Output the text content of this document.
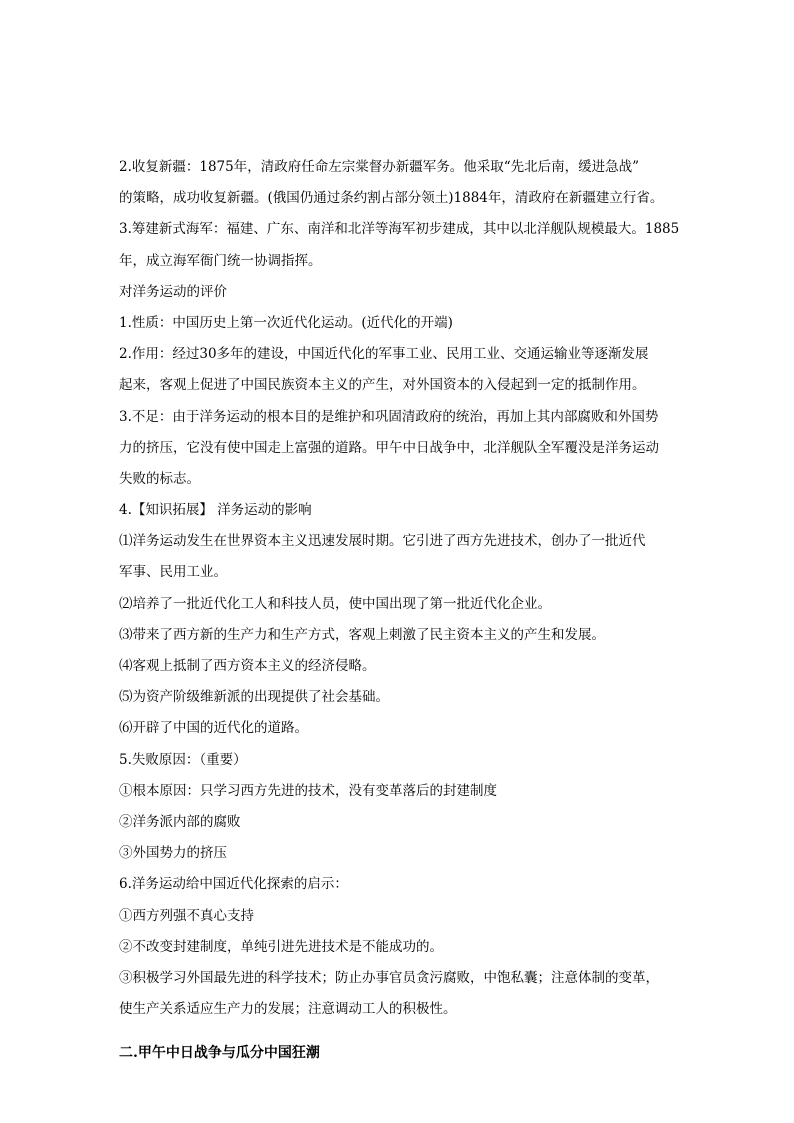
2.收复新疆：1875年，清政府任命左宗棠督办新疆军务。他采取“先北后南，缓进急战”
的策略，成功收复新疆。(俄国仍通过条约割占部分领土)1884年，清政府在新疆建立行省。
3.筹建新式海军：福建、广东、南洋和北洋等海军初步建成，其中以北洋舰队规模最大。1885
年，成立海军衙门统一协调指挥。
对洋务运动的评价
1.性质：中国历史上第一次近代化运动。(近代化的开端)
2.作用：经过30多年的建设，中国近代化的军事工业、民用工业、交通运输业等逐渐发展
起来，客观上促进了中国民族资本主义的产生，对外国资本的入侵起到一定的抵制作用。
3.不足：由于洋务运动的根本目的是维护和巩固清政府的统治，再加上其内部腐败和外国势
力的挤压，它没有使中国走上富强的道路。甲午中日战争中，北洋舰队全军覆没是洋务运动
失败的标志。
4.【知识拓展】 洋务运动的影响
⑴洋务运动发生在世界资本主义迅速发展时期。它引进了西方先进技术，创办了一批近代
军事、民用工业。
⑵培养了一批近代化工人和科技人员，使中国出现了第一批近代化企业。
⑶带来了西方新的生产力和生产方式，客观上刺激了民主资本主义的产生和发展。
⑷客观上抵制了西方资本主义的经济侵略。
⑸为资产阶级维新派的出现提供了社会基础。
⑹开辟了中国的近代化的道路。
5.失败原因：（重要）
①根本原因：只学习西方先进的技术，没有变革落后的封建制度
②洋务派内部的腐败
③外国势力的挤压
6.洋务运动给中国近代化探索的启示：
①西方列强不真心支持
②不改变封建制度，单纯引进先进技术是不能成功的。
③积极学习外国最先进的科学技术；防止办事官员贪污腐败，中饱私囊；注意体制的变革，
使生产关系适应生产力的发展；注意调动工人的积极性。
二.甲午中日战争与瓜分中国狂潮
